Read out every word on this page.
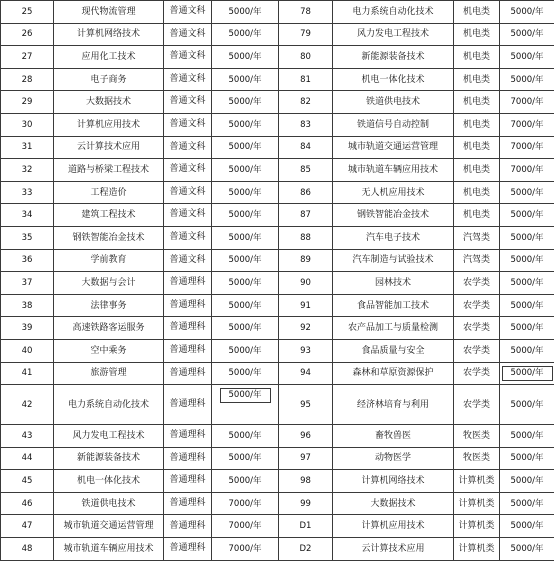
25	现代物流管理	普通文科	5000/年	78	电力系统自动化技术	机电类	5000/年
26	计算机网络技术	普通文科	5000/年	79	风力发电工程技术	机电类	5000/年
27	应用化工技术	普通文科	5000/年	80	新能源装备技术	机电类	5000/年
28	电子商务	普通文科	5000/年	81	机电一体化技术	机电类	5000/年
29	大数据技术	普通文科	5000/年	82	铁道供电技术	机电类	7000/年
30	计算机应用技术	普通文科	5000/年	83	铁道信号自动控制	机电类	7000/年
31	云计算技术应用	普通文科	5000/年	84	城市轨道交通运营管理	机电类	7000/年
32	道路与桥梁工程技术	普通文科	5000/年	85	城市轨道车辆应用技术	机电类	7000/年
33	工程造价	普通文科	5000/年	86	无人机应用技术	机电类	5000/年
34	建筑工程技术	普通文科	5000/年	87	钢铁智能冶金技术	机电类	5000/年
35	钢铁智能冶金技术	普通文科	5000/年	88	汽车电子技术	汽驾类	5000/年
36	学前教育	普通文科	5000/年	89	汽车制造与试验技术	汽驾类	5000/年
37	大数据与会计	普通理科	5000/年	90	园林技术	农学类	5000/年
38	法律事务	普通理科	5000/年	91	食品智能加工技术	农学类	5000/年
39	高速铁路客运服务	普通理科	5000/年	92	农产品加工与质量检测	农学类	5000/年
40	空中乘务	普通理科	5000/年	93	食品质量与安全	农学类	5000/年
41	旅游管理	普通理科	5000/年	94	森林和草原资源保护	农学类	5000/年
42	电力系统自动化技术	普通理科	5000/年	95	经济林培育与利用	农学类	5000/年
43	风力发电工程技术	普通理科	5000/年	96	畜牧兽医	牧医类	5000/年
44	新能源装备技术	普通理科	5000/年	97	动物医学	牧医类	5000/年
45	机电一体化技术	普通理科	5000/年	98	计算机网络技术	计算机类	5000/年
46	铁道供电技术	普通理科	7000/年	99	大数据技术	计算机类	5000/年
47	城市轨道交通运营管理	普通理科	7000/年	D1	计算机应用技术	计算机类	5000/年
48	城市轨道车辆应用技术	普通理科	7000/年	D2	云计算技术应用	计算机类	5000/年
